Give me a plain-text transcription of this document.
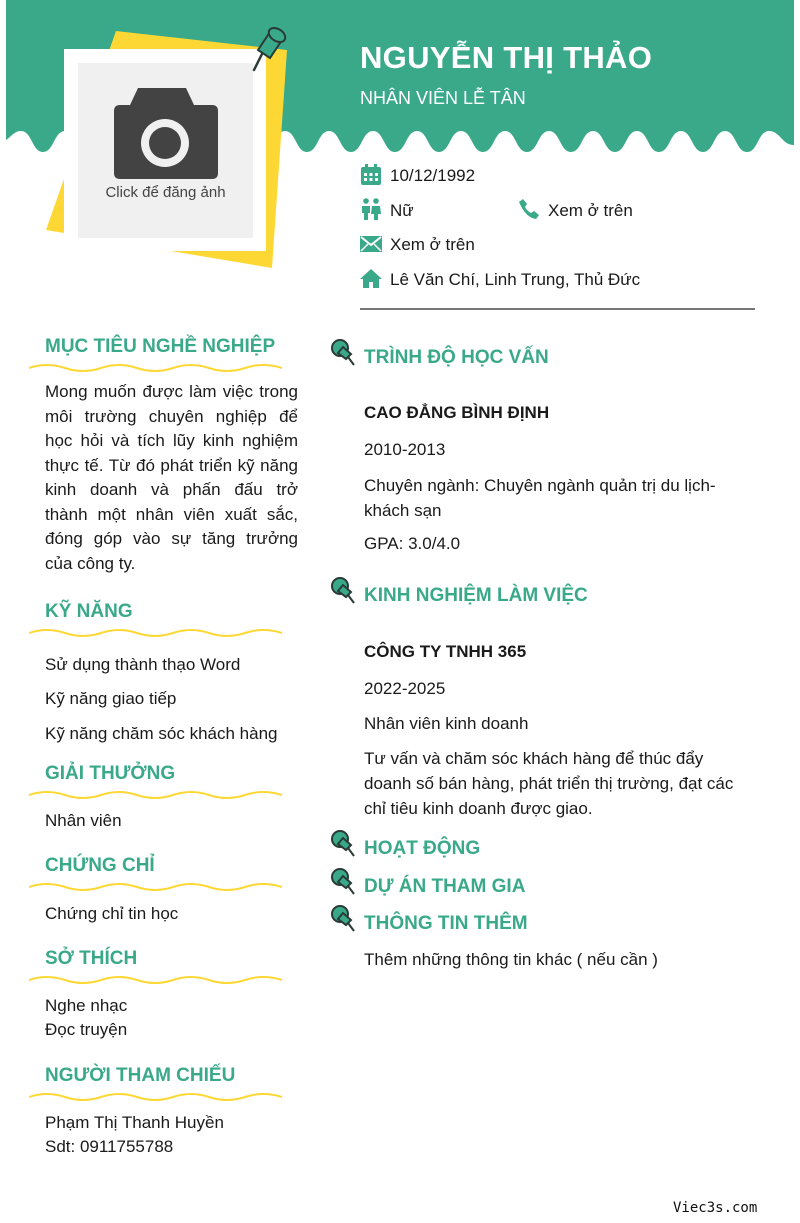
NGUYỄN THỊ THẢO
NHÂN VIÊN LỄ TÂN
Click để đăng ảnh
10/12/1992
Nữ	Xem ở trên
Xem ở trên
Lê Văn Chí, Linh Trung, Thủ Đức
MỤC TIÊU NGHỀ NGHIỆP
Mong muốn được làm việc trong môi trường chuyên nghiệp để học hỏi và tích lũy kinh nghiệm thực tế. Từ đó phát triển kỹ năng kinh doanh và phấn đấu trở thành một nhân viên xuất sắc, đóng góp vào sự tăng trưởng của công ty.
KỸ NĂNG
Sử dụng thành thạo Word
Kỹ năng giao tiếp
Kỹ năng chăm sóc khách hàng
GIẢI THƯỞNG
Nhân viên
CHỨNG CHỈ
Chứng chỉ tin học
SỞ THÍCH
Nghe nhạc
Đọc truyện
NGƯỜI THAM CHIẾU
Phạm Thị Thanh Huyền
Sdt: 0911755788
TRÌNH ĐỘ HỌC VẤN
CAO ĐẲNG BÌNH ĐỊNH
2010-2013
Chuyên ngành: Chuyên ngành quản trị du lịch-khách sạn
GPA: 3.0/4.0
KINH NGHIỆM LÀM VIỆC
CÔNG TY TNHH 365
2022-2025
Nhân viên kinh doanh
Tư vấn và chăm sóc khách hàng để thúc đẩy doanh số bán hàng, phát triển thị trường, đạt các chỉ tiêu kinh doanh được giao.
HOẠT ĐỘNG
DỰ ÁN THAM GIA
THÔNG TIN THÊM
Thêm những thông tin khác ( nếu cần )
Viec3s.com
